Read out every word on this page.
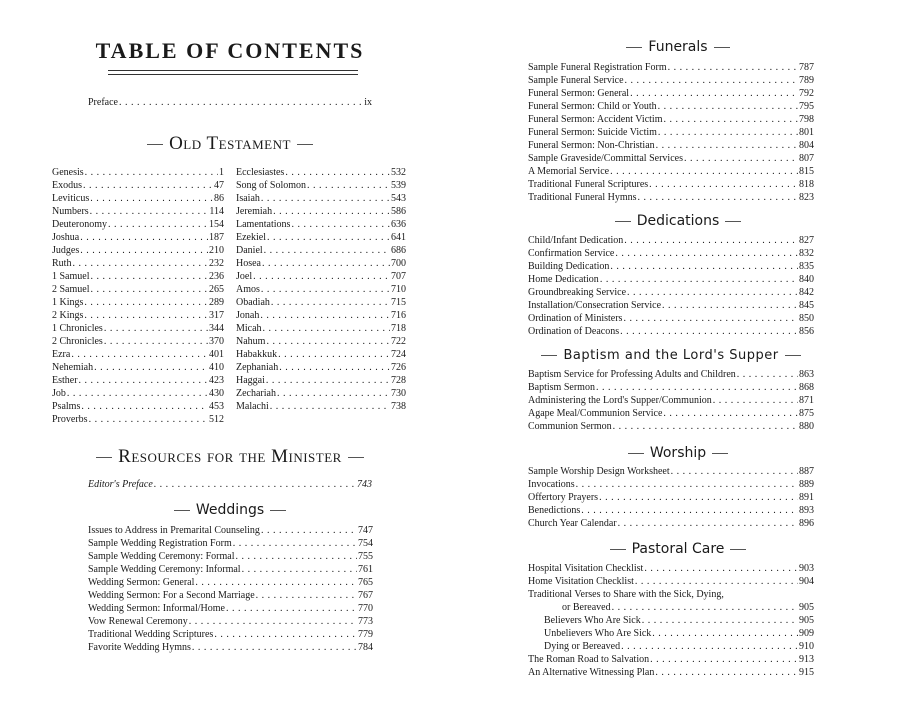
TABLE OF CONTENTS
Preface . . .	ix
Old Testament
Genesis . . .	1
Exodus . . .	47
Leviticus . . .	86
Numbers . . .	114
Deuteronomy . . .	154
Joshua . . .	187
Judges . . .	210
Ruth . . .	232
1 Samuel . . .	236
2 Samuel . . .	265
1 Kings . . .	289
2 Kings . . .	317
1 Chronicles . . .	344
2 Chronicles . . .	370
Ezra . . .	401
Nehemiah . . .	410
Esther . . .	423
Job . . .	430
Psalms . . .	453
Proverbs . . .	512
Ecclesiastes . . .	532
Song of Solomon . . .	539
Isaiah . . .	543
Jeremiah . . .	586
Lamentations . . .	636
Ezekiel . . .	641
Daniel . . .	686
Hosea . . .	700
Joel . . .	707
Amos . . .	710
Obadiah . . .	715
Jonah . . .	716
Micah . . .	718
Nahum . . .	722
Habakkuk . . .	724
Zephaniah . . .	726
Haggai . . .	728
Zechariah . . .	730
Malachi . . .	738
Resources for the Minister
Editor's Preface . . .	743
Weddings
Issues to Address in Premarital Counseling . . .	747
Sample Wedding Registration Form . . .	754
Sample Wedding Ceremony: Formal . . .	755
Sample Wedding Ceremony: Informal . . .	761
Wedding Sermon: General . . .	765
Wedding Sermon: For a Second Marriage . . .	767
Wedding Sermon: Informal/Home . . .	770
Vow Renewal Ceremony . . .	773
Traditional Wedding Scriptures . . .	779
Favorite Wedding Hymns . . .	784
Funerals
Sample Funeral Registration Form . . .	787
Sample Funeral Service . . .	789
Funeral Sermon: General . . .	792
Funeral Sermon: Child or Youth . . .	795
Funeral Sermon: Accident Victim . . .	798
Funeral Sermon: Suicide Victim . . .	801
Funeral Sermon: Non-Christian . . .	804
Sample Graveside/Committal Services . . .	807
A Memorial Service . . .	815
Traditional Funeral Scriptures . . .	818
Traditional Funeral Hymns . . .	823
Dedications
Child/Infant Dedication . . .	827
Confirmation Service . . .	832
Building Dedication . . .	835
Home Dedication . . .	840
Groundbreaking Service . . .	842
Installation/Consecration Service . . .	845
Ordination of Ministers . . .	850
Ordination of Deacons . . .	856
Baptism and the Lord's Supper
Baptism Service for Professing Adults and Children . . .	863
Baptism Sermon . . .	868
Administering the Lord's Supper/Communion . . .	871
Agape Meal/Communion Service . . .	875
Communion Sermon . . .	880
Worship
Sample Worship Design Worksheet . . .	887
Invocations . . .	889
Offertory Prayers . . .	891
Benedictions . . .	893
Church Year Calendar . . .	896
Pastoral Care
Hospital Visitation Checklist . . .	903
Home Visitation Checklist . . .	904
Traditional Verses to Share with the Sick, Dying,
or Bereaved . . .	905
Believers Who Are Sick . . .	905
Unbelievers Who Are Sick . . .	909
Dying or Bereaved . . .	910
The Roman Road to Salvation . . .	913
An Alternative Witnessing Plan . . .	915
